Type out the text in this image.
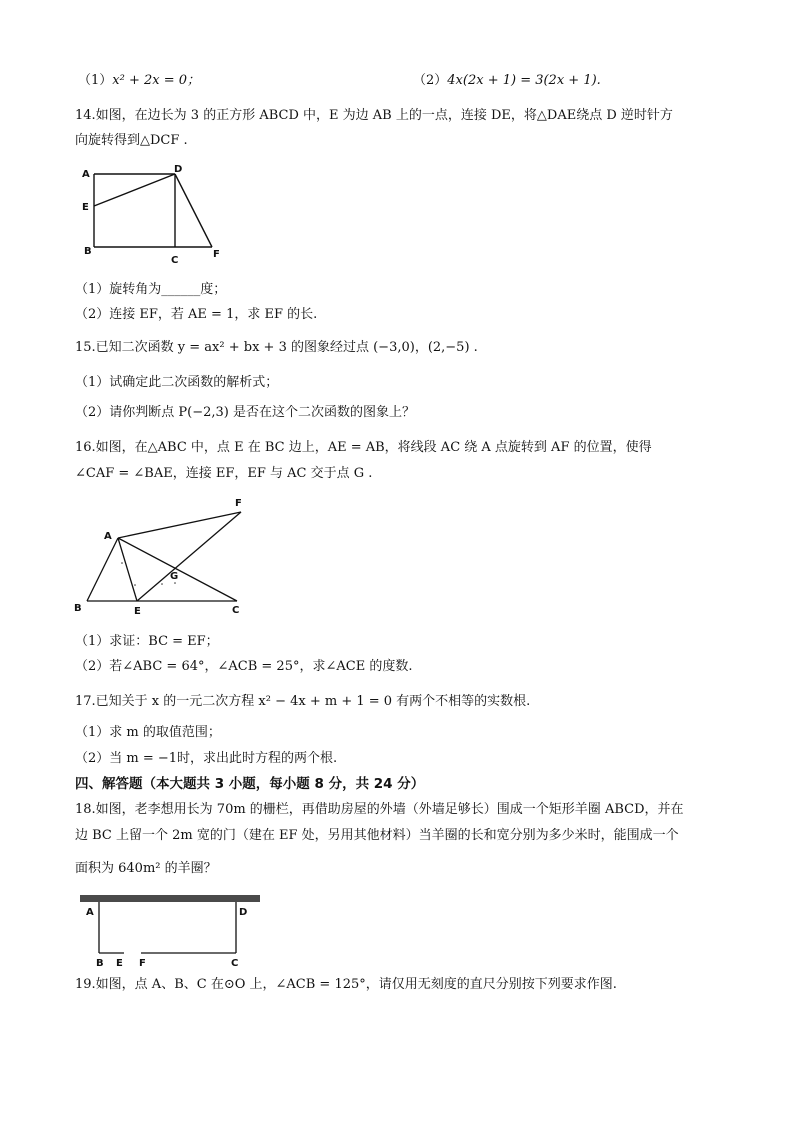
（1）x² + 2x = 0；	（2）4x(2x + 1) = 3(2x + 1).
14.如图，在边长为 3 的正方形 ABCD 中，E 为边 AB 上的一点，连接 DE，将△DAE绕点 D 逆时针方
向旋转得到△DCF .
A	D
E
B
C
F
（1）旋转角为______度；
（2）连接 EF，若 AE = 1，求 EF 的长.
15.已知二次函数 y = ax² + bx + 3 的图象经过点 (−3,0)，(2,−5) .
（1）试确定此二次函数的解析式；
（2）请你判断点 P(−2,3) 是否在这个二次函数的图象上？
16.如图，在△ABC 中，点 E 在 BC 边上，AE = AB，将线段 AC 绕 A 点旋转到 AF 的位置，使得
∠CAF = ∠BAE，连接 EF，EF 与 AC 交于点 G .
A
F
G
B	E	C
（1）求证：BC = EF；
（2）若∠ABC = 64°，∠ACB = 25°，求∠ACE 的度数.
17.已知关于 x 的一元二次方程 x² − 4x + m + 1 = 0 有两个不相等的实数根.
（1）求 m 的取值范围；
（2）当 m = −1时，求出此时方程的两个根.
四、解答题（本大题共 3 小题，每小题 8 分，共 24 分）
18.如图，老李想用长为 70m 的栅栏，再借助房屋的外墙（外墙足够长）围成一个矩形羊圈 ABCD，并在
边 BC 上留一个 2m 宽的门（建在 EF 处，另用其他材料）当羊圈的长和宽分别为多少米时，能围成一个
面积为 640m² 的羊圈？
A	D
B E F	C
19.如图，点 A、B、C 在⊙O 上，∠ACB = 125°，请仅用无刻度的直尺分别按下列要求作图.
